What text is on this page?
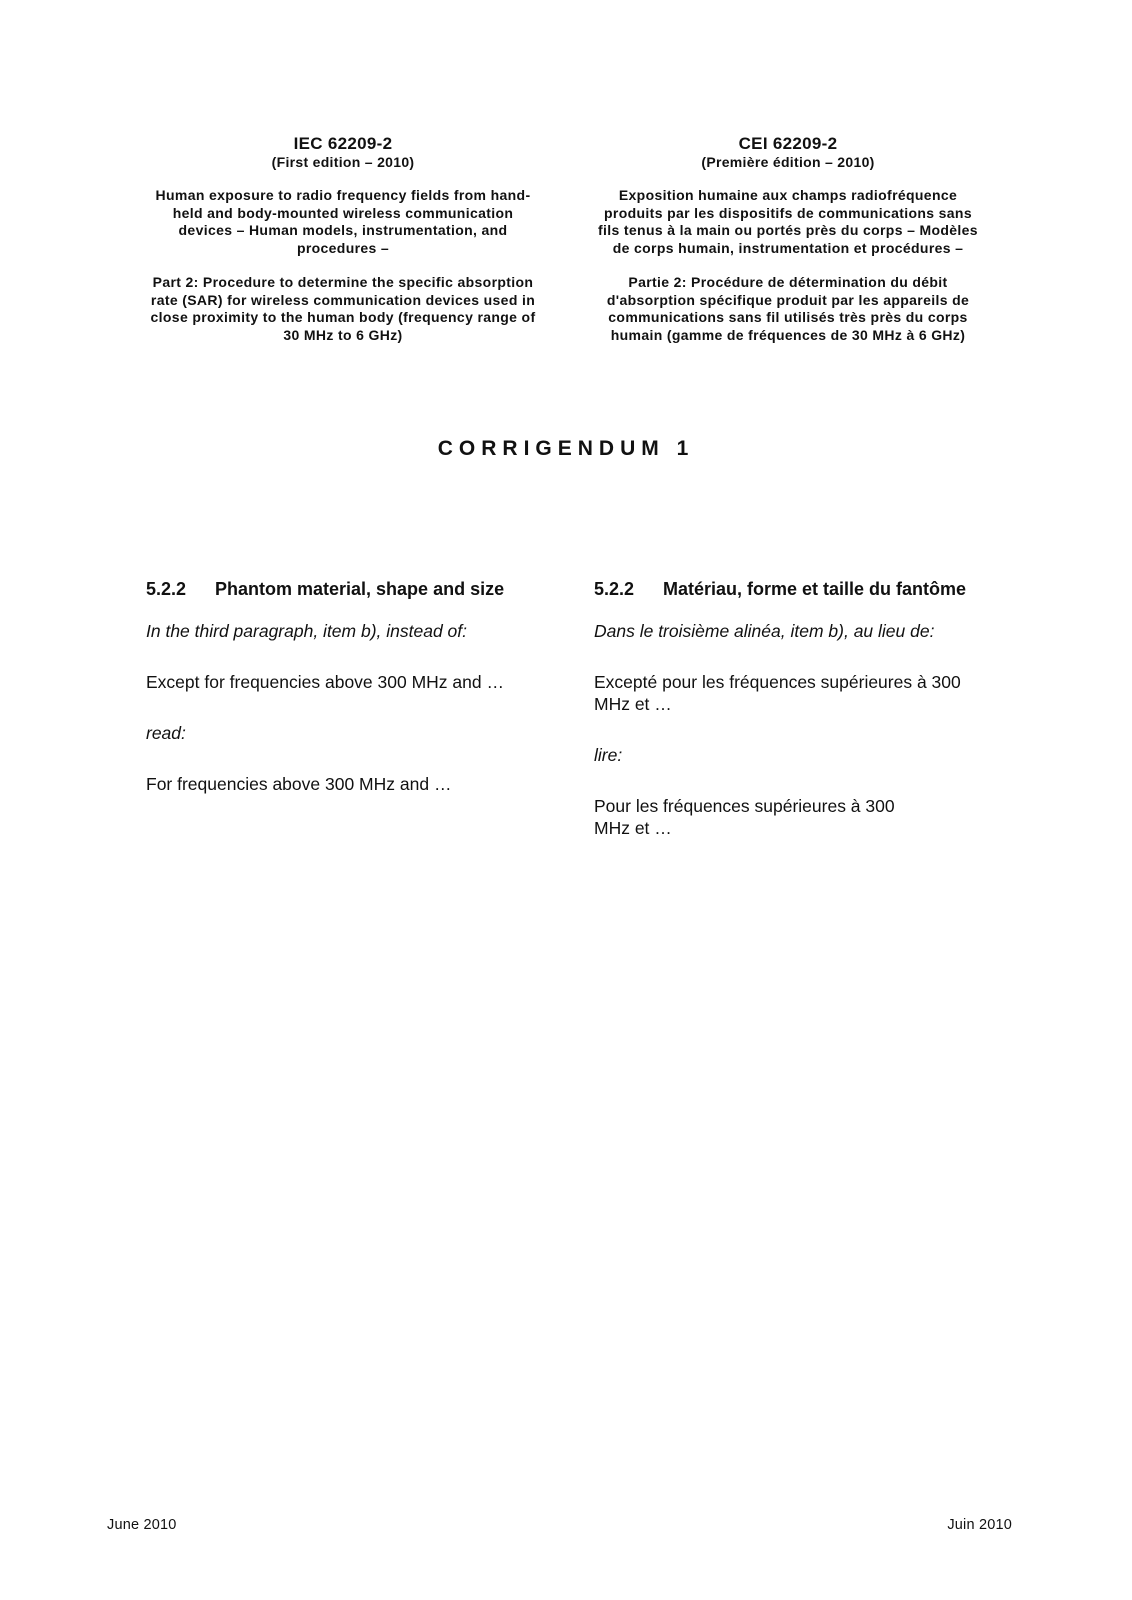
IEC 62209-2
(First edition – 2010)
Human exposure to radio frequency fields from hand-held and body-mounted wireless communication devices – Human models, instrumentation, and procedures –
Part 2: Procedure to determine the specific absorption rate (SAR) for wireless communication devices used in close proximity to the human body (frequency range of 30 MHz to 6 GHz)
CEI 62209-2
(Première édition – 2010)
Exposition humaine aux champs radiofréquence produits par les dispositifs de communications sans fils tenus à la main ou portés près du corps – Modèles de corps humain, instrumentation et procédures –
Partie 2: Procédure de détermination du débit d'absorption spécifique produit par les appareils de communications sans fil utilisés très près du corps humain (gamme de fréquences de 30 MHz à 6 GHz)
CORRIGENDUM 1
5.2.2	Phantom material, shape and size

In the third paragraph, item b), instead of:

Except for frequencies above 300 MHz and …

read:

For frequencies above 300 MHz and …

5.2.2	Matériau, forme et taille du fantôme

Dans le troisième alinéa, item b), au lieu de:

Excepté pour les fréquences supérieures à 300 MHz et …

lire:

Pour les fréquences supérieures à 300 MHz et …

June 2010	Juin 2010
